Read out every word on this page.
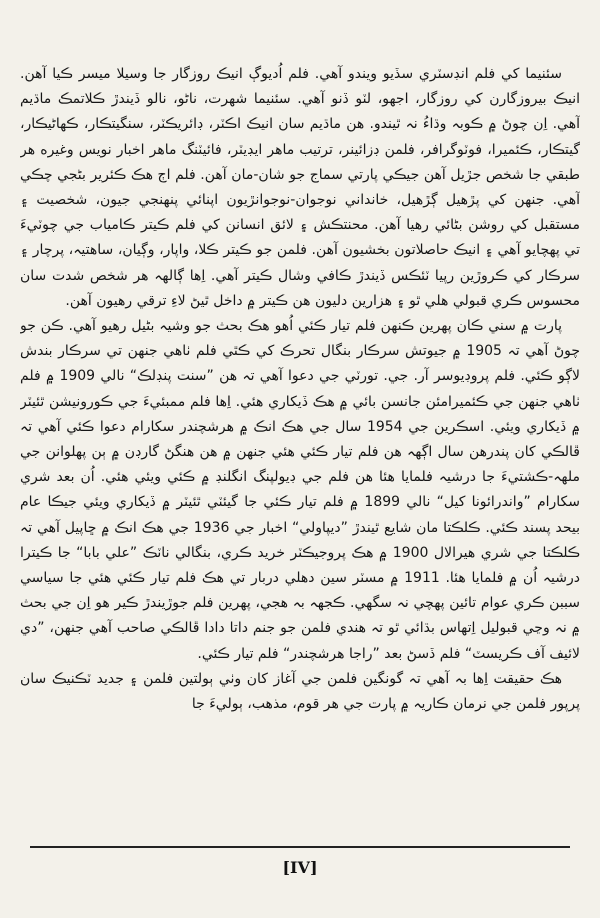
سئنيما کي فلم انڊسٽري سڏيو ويندو آهي. فلم اُديوڳ انيڪ روزگار جا وسيلا ميسر ڪيا آهن. انيڪ بيروزگارن کي روزگار، اجهو، لٽو ڏنو آهي. سئنيما شهرت، ناڻو، نالو ڏيندڙ ڪلاتمڪ ماڌيم آهي. اِن چوڻ ۾ ڪوبہ وڌاءُ نہ ٿيندو. هن ماڌيم سان انيڪ اڪٽر، ڊائريڪٽر، سنگيتڪار، ڪهاڻيڪار، گيتڪار، ڪئميرا، فوٽوگرافر، فلمن ڊزائينر، ترتيب ماهر ايڊيٽر، فائيٽنگ ماهر اخبار نويس وغيره هر طبقي جا شخص جڙيل آهن جيڪي پارتي سماج جو شان-مان آهن. فلم اڄ هڪ ڪئرير بڻجي چڪي آهي. جنهن کي پڙهيل ڳڙهيل، خانداني نوجوان-نوجوانڙيون اپنائي پنهنجي جيون، شخصيت ۽ مستقبل کي روشن بڻائي رهيا آهن. محنتڪش ۽ لائق انسانن کي فلم ڪيتر ڪامياب جي چوٽيءَ تي پهچايو آهي ۽ انيڪ حاصلاتون بخشيون آهن. فلمن جو ڪيتر ڪلا، واپار، وڳيان، ساهتيہ، پرچار ۽ سرڪار کي ڪروڙين رپيا ٽئڪس ڏيندڙ ڪافي وشال ڪيتر آهي. اِها ڳالهہ هر شخص شدت سان محسوس ڪري قبولي هلي ٿو ۽ هزارين دليون هن ڪيتر ۾ داخل ٿيڻ لاءِ ترقي رهيون آهن.

پارت ۾ سني ڪان پهرين ڪنهن فلم تيار ڪئي اُهو هڪ بحث جو وشيہ بڻيل رهيو آهي. ڪن جو چوڻ آهي تہ 1905 ۾ جيوتش سرڪار بنگال تحرڪ کي ڪٿي فلم ٺاهي جنهن تي سرڪار بندش لاڳو ڪئي. فلم پروڊيوسر آر. جي. تورٽي جي دعوا آهي تہ هن ”سنت پنڊلڪ“ نالي 1909 ۾ فلم ٺاهي جنهن جي ڪئميرامئن جانسن بائي ۾ هڪ ڏيکاري هئي. اِها فلم ممبئيءَ جي ڪورونيشن ٿئيٽر ۾ ڏيکاري ويئي. اسڪرين جي 1954 سال جي هڪ انڪ ۾ هرشچندر سکارام دعوا ڪئي آهي تہ ڦالڪي کان پندرهن سال اڳهہ هن فلم تيار ڪئي هئي جنهن ۾ هن هنگڻ گارڊن ۾ ٻن پهلوانن جي ملهہ-ڪشتيءَ جا درشيہ فلمايا هئا هن فلم جي ڊيولپنگ انگلنڊ ۾ ڪئي ويئي هئي. اُن بعد شري سکارام ”واندرائونا کيل“ نالي 1899 ۾ فلم تيار ڪئي جا گيئٽي ٿئيٽر ۾ ڏيکاري ويئي جيڪا عام بيحد پسند ڪئي. ڪلڪتا مان شايع ٿيندڙ ”ديپاولي“ اخبار جي 1936 جي هڪ انڪ ۾ ڇاپيل آهي تہ ڪلڪتا جي شري هيرالال 1900 ۾ هڪ پروجيڪٽر خريد ڪري، بنگالي ناٽڪ ”علي بابا“ جا ڪيترا درشيہ اُن ۾ فلمايا هئا. 1911 ۾ مسٽر سين دهلي دربار تي هڪ فلم تيار ڪئي هئي جا سياسي سببن ڪري عوام تائين پهچي نہ سگهي. ڪجهہ بہ هجي، پهرين فلم جوڙيندڙ ڪير هو اِن جي بحث ۾ نہ وڃي قبوليل اِتهاس بڌائي ٿو تہ هندي فلمن جو جنم داتا دادا ڦالڪي صاحب آهي جنهن، ”دي لائيف آف ڪريسٽ“ فلم ڏسڻ بعد ”راجا هرشچندر“ فلم تيار ڪئي.

هڪ حقيقت اِها بہ آهي تہ گونگين فلمن جي آغاز کان وٺي ٻولتين فلمن ۽ جديد ٽڪنيڪ سان پرپور فلمن جي نرمان ڪاريہ ۾ پارت جي هر قوم، مذهب، ٻوليءَ جا

[IV]
